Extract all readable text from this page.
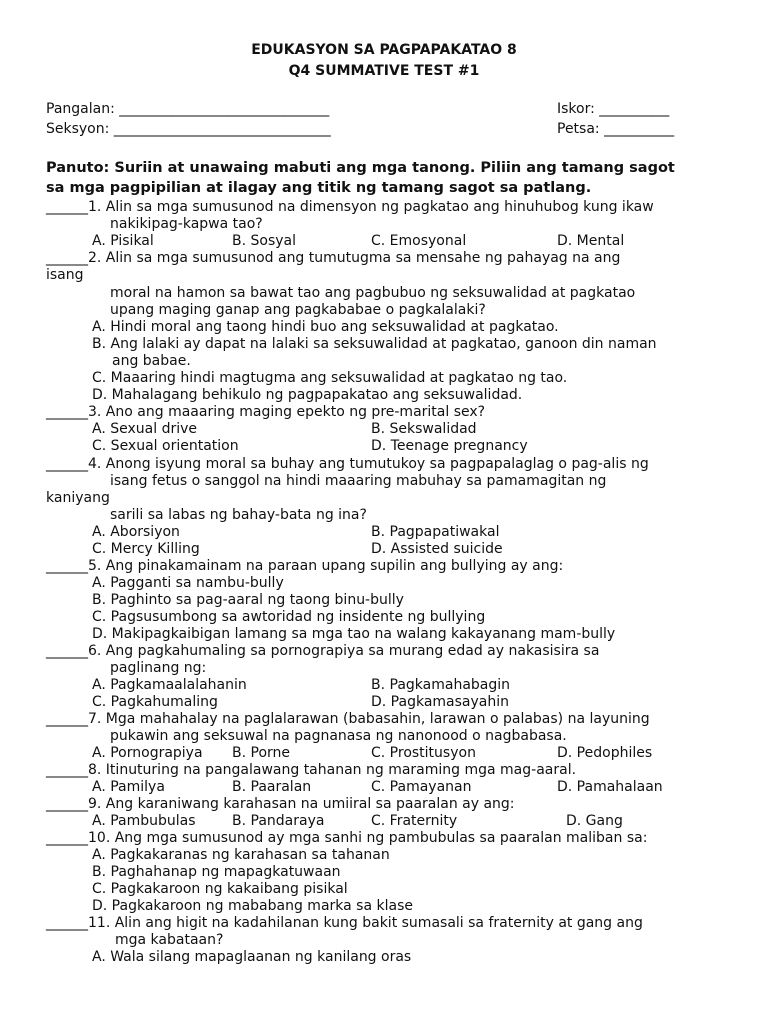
EDUKASYON SA PAGPAPAKATAO 8
Q4 SUMMATIVE TEST #1
Pangalan: ______________________________
Seksyon: _______________________________
Iskor: __________
Petsa: __________
Panuto: Suriin at unawaing mabuti ang mga tanong. Piliin ang tamang sagot
sa mga pagpipilian at ilagay ang titik ng tamang sagot sa patlang.
______1. Alin sa mga sumusunod na dimensyon ng pagkatao ang hinuhubog kung ikaw
nakikipag-kapwa tao?
A. Pisikal	B. Sosyal	C. Emosyonal	D. Mental
______2. Alin sa mga sumusunod ang tumutugma sa mensahe ng pahayag na ang
isang
moral na hamon sa bawat tao ang pagbubuo ng seksuwalidad at pagkatao
upang maging ganap ang pagkababae o pagkalalaki?
A. Hindi moral ang taong hindi buo ang seksuwalidad at pagkatao.
B. Ang lalaki ay dapat na lalaki sa seksuwalidad at pagkatao, ganoon din naman
ang babae.
C. Maaaring hindi magtugma ang seksuwalidad at pagkatao ng tao.
D. Mahalagang behikulo ng pagpapakatao ang seksuwalidad.
______3. Ano ang maaaring maging epekto ng pre-marital sex?
A. Sexual drive	B. Sekswalidad
C. Sexual orientation	D. Teenage pregnancy
______4. Anong isyung moral sa buhay ang tumutukoy sa pagpapalaglag o pag-alis ng
isang fetus o sanggol na hindi maaaring mabuhay sa pamamagitan ng
kaniyang
sarili sa labas ng bahay-bata ng ina?
A. Aborsiyon	B. Pagpapatiwakal
C. Mercy Killing	D. Assisted suicide
______5. Ang pinakamainam na paraan upang supilin ang bullying ay ang:
A. Pagganti sa nambu-bully
B. Paghinto sa pag-aaral ng taong binu-bully
C. Pagsusumbong sa awtoridad ng insidente ng bullying
D. Makipagkaibigan lamang sa mga tao na walang kakayanang mam-bully
______6. Ang pagkahumaling sa pornograpiya sa murang edad ay nakasisira sa
paglinang ng:
A. Pagkamaalalahanin	B. Pagkamahabagin
C. Pagkahumaling	D. Pagkamasayahin
______7. Mga mahahalay na paglalarawan (babasahin, larawan o palabas) na layuning
pukawin ang seksuwal na pagnanasa ng nanonood o nagbabasa.
A. Pornograpiya B. Porne	C. Prostitusyon	D. Pedophiles
______8. Itinuturing na pangalawang tahanan ng maraming mga mag-aaral.
A. Pamilya	B. Paaralan	C. Pamayanan	D. Pamahalaan
______9. Ang karaniwang karahasan na umiiral sa paaralan ay ang:
A. Pambubulas	B. Pandaraya	C. Fraternity	D. Gang
______10. Ang mga sumusunod ay mga sanhi ng pambubulas sa paaralan maliban sa:
A. Pagkakaranas ng karahasan sa tahanan
B. Paghahanap ng mapagkatuwaan
C. Pagkakaroon ng kakaibang pisikal
D. Pagkakaroon ng mababang marka sa klase
______11. Alin ang higit na kadahilanan kung bakit sumasali sa fraternity at gang ang
mga kabataan?
A. Wala silang mapaglaanan ng kanilang oras
